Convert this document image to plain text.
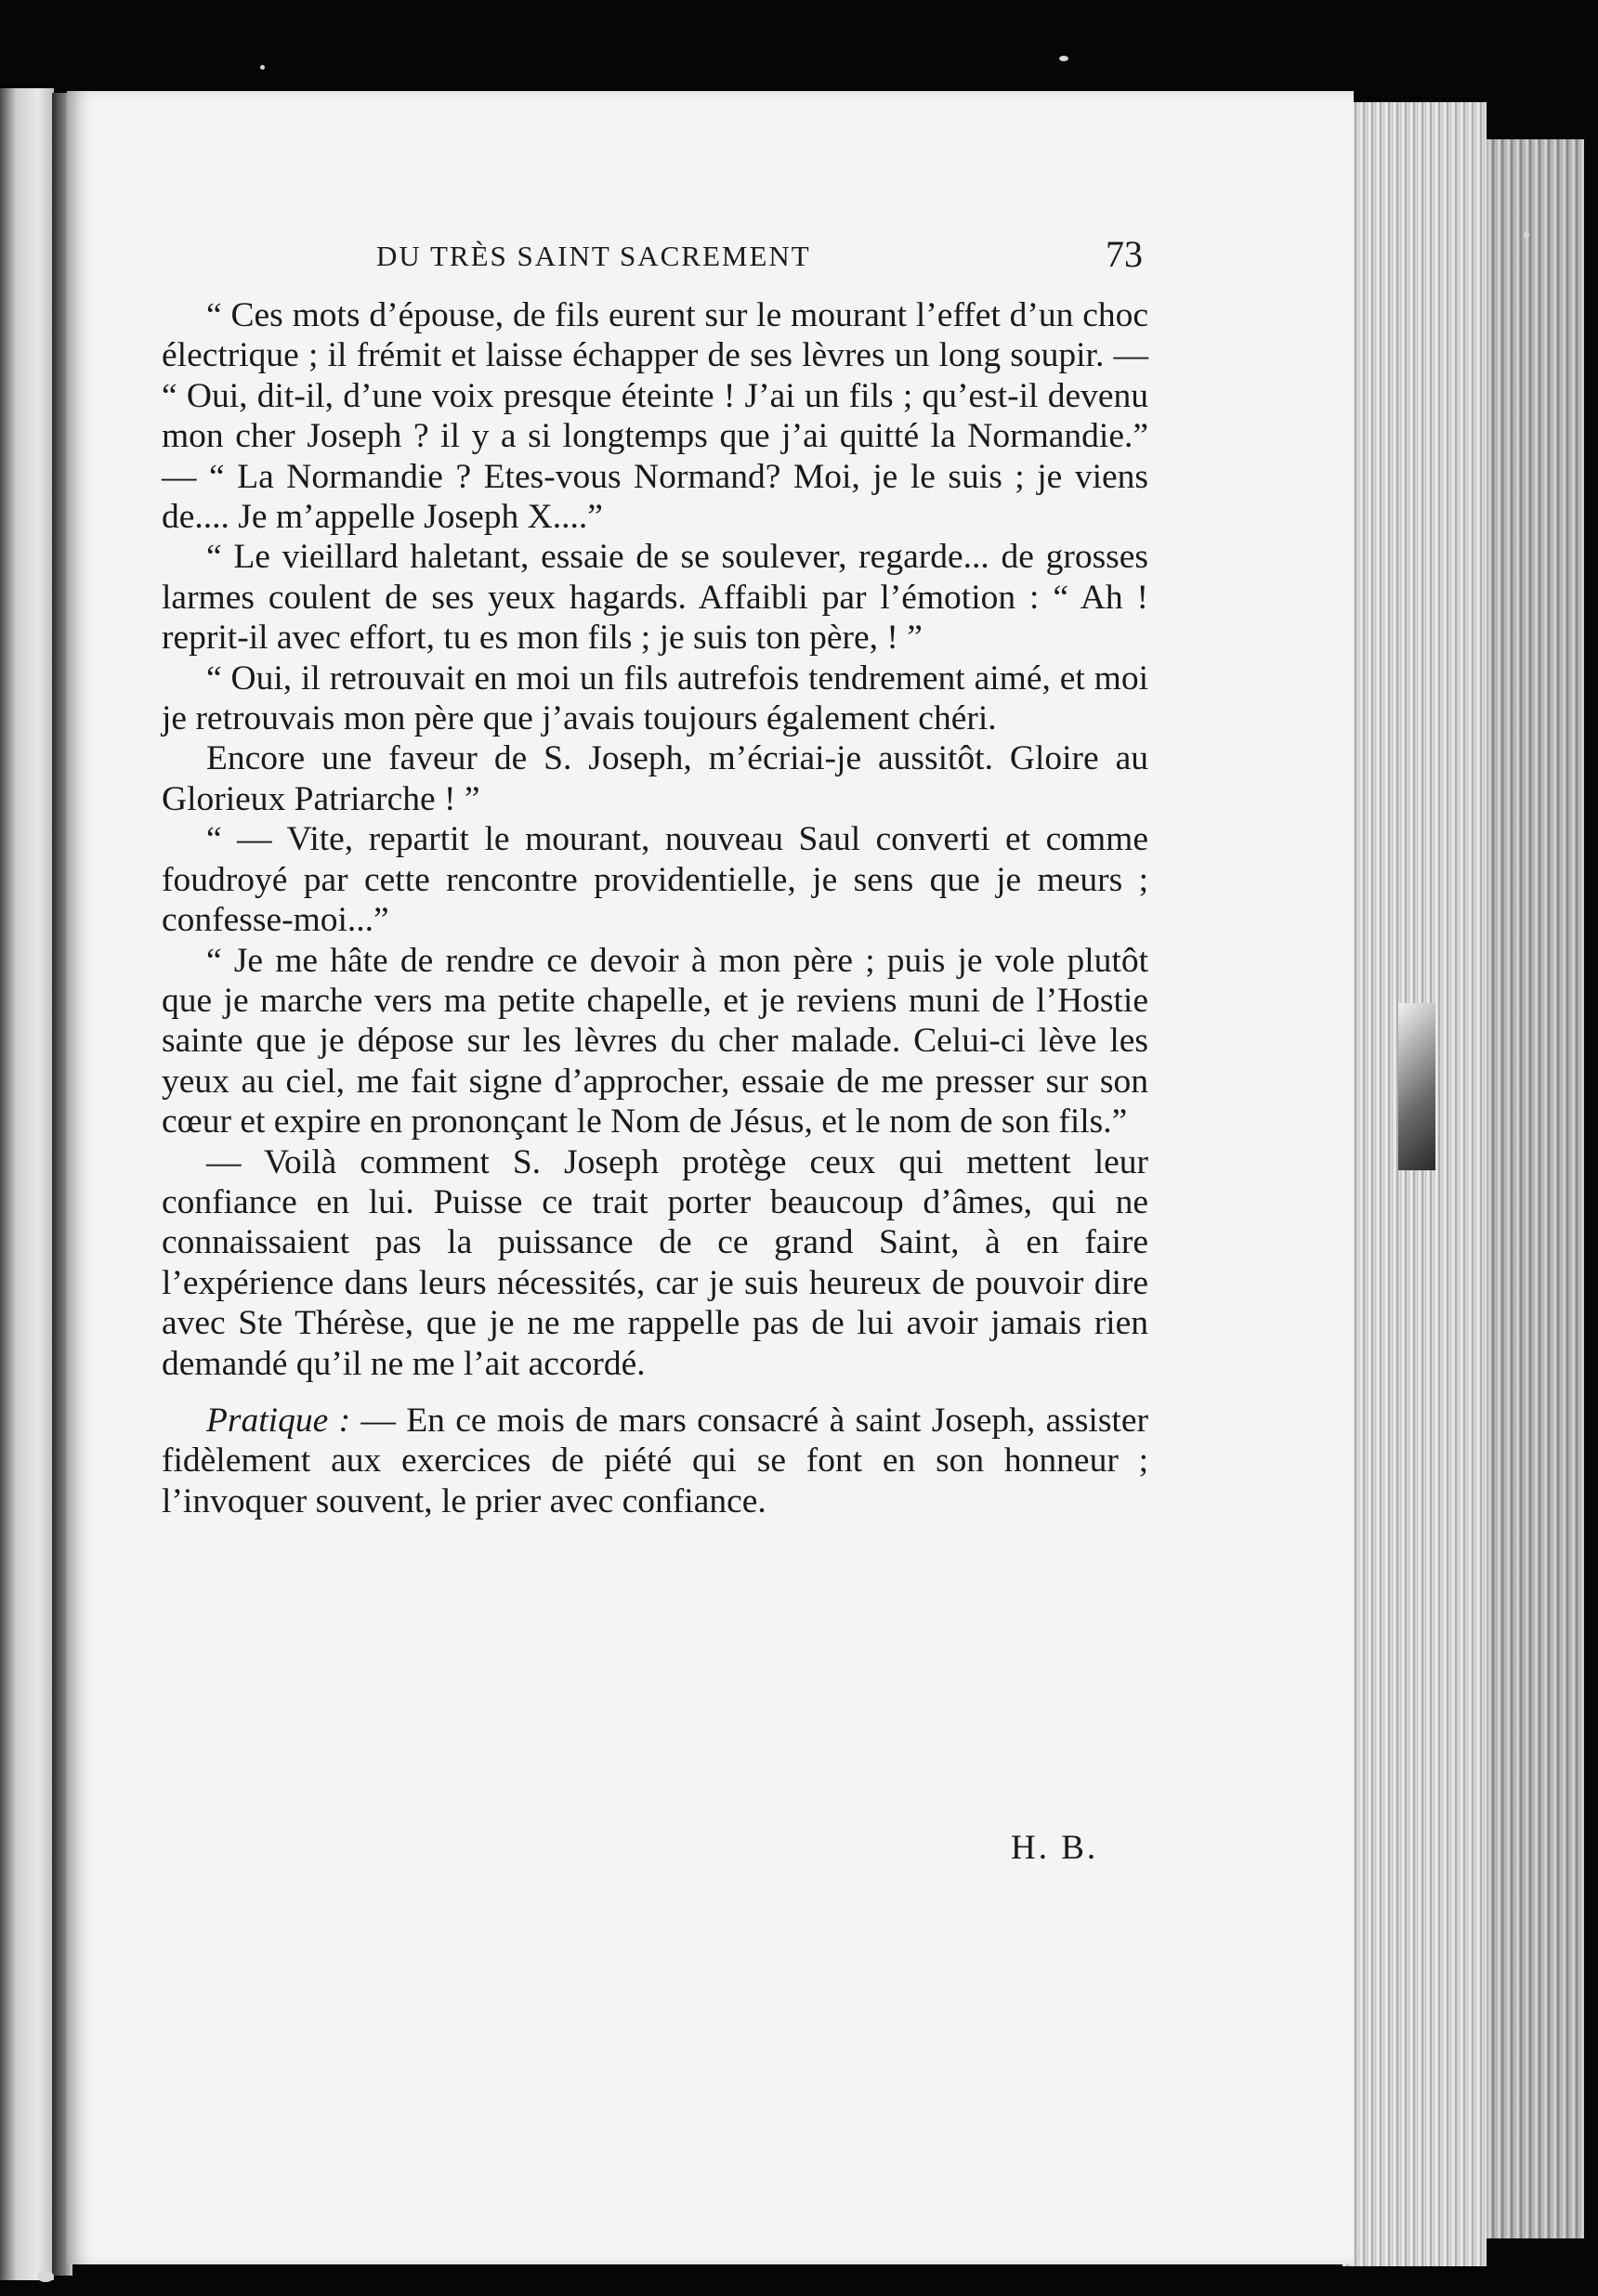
DU TRÈS SAINT SACREMENT	73

“ Ces mots d’épouse, de fils eurent sur le mourant l’effet d’un choc électrique ; il frémit et laisse échapper de ses lèvres un long soupir. — “ Oui, dit-il, d’une voix presque éteinte ! J’ai un fils ; qu’est-il devenu mon cher Joseph ? il y a si longtemps que j’ai quitté la Normandie.” — “ La Normandie ? Etes-vous Normand? Moi, je le suis ; je viens de.... Je m’appelle Joseph X....”

“ Le vieillard haletant, essaie de se soulever, regarde... de grosses larmes coulent de ses yeux hagards. Affaibli par l’émotion : “ Ah ! reprit-il avec effort, tu es mon fils ; je suis ton père, ! ”

“ Oui, il retrouvait en moi un fils autrefois tendrement aimé, et moi je retrouvais mon père que j’avais toujours également chéri.

Encore une faveur de S. Joseph, m’écriai-je aussitôt. Gloire au Glorieux Patriarche ! ”

“ — Vite, repartit le mourant, nouveau Saul converti et comme foudroyé par cette rencontre providentielle, je sens que je meurs ; confesse-moi...”

“ Je me hâte de rendre ce devoir à mon père ; puis je vole plutôt que je marche vers ma petite chapelle, et je reviens muni de l’Hostie sainte que je dépose sur les lèvres du cher malade. Celui-ci lève les yeux au ciel, me fait signe d’approcher, essaie de me presser sur son cœur et expire en prononçant le Nom de Jésus, et le nom de son fils.”

— Voilà comment S. Joseph protège ceux qui mettent leur confiance en lui. Puisse ce trait porter beaucoup d’âmes, qui ne connaissaient pas la puissance de ce grand Saint, à en faire l’expérience dans leurs nécessités, car je suis heureux de pouvoir dire avec Ste Thérèse, que je ne me rappelle pas de lui avoir jamais rien demandé qu’il ne me l’ait accordé.

Pratique : — En ce mois de mars consacré à saint Joseph, assister fidèlement aux exercices de piété qui se font en son honneur ; l’invoquer souvent, le prier avec confiance.

H. B.
